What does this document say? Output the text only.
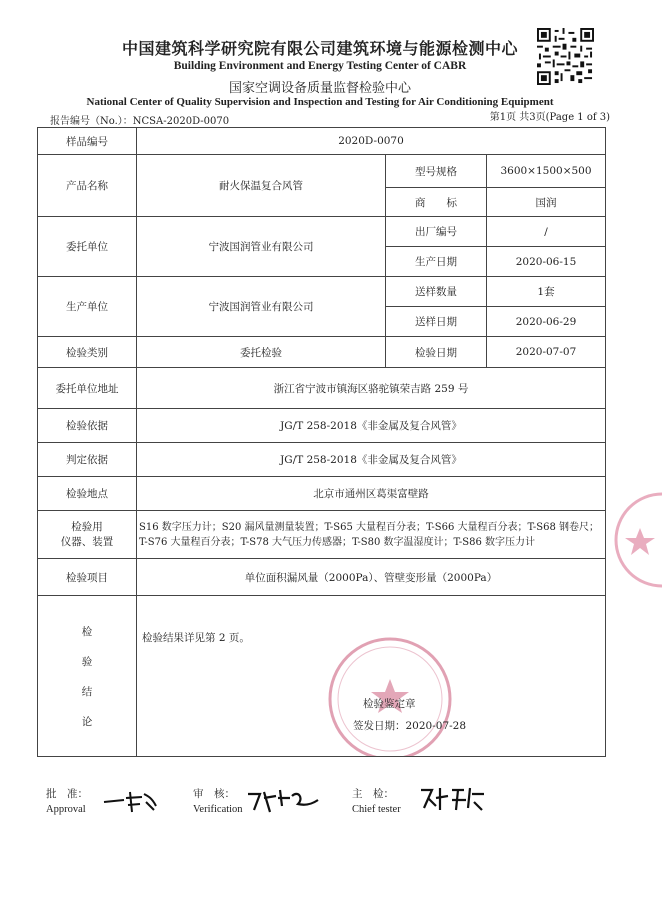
中国建筑科学研究院有限公司建筑环境与能源检测中心
Building Environment and Energy Testing Center of CABR
国家空调设备质量监督检验中心
National Center of Quality Supervision and Inspection and Testing for Air Conditioning Equipment
报告编号（No.）：NCSA-2020D-0070	第1页 共3页(Page 1 of 3)
样品编号	2020D-0070		
产品名称	耐火保温复合风管	型号规格	3600×1500×500
		商　　标	国润
委托单位	宁波国润管业有限公司	出厂编号	/
		生产日期	2020-06-15
生产单位	宁波国润管业有限公司	送样数量	1套
		送样日期	2020-06-29
检验类别	委托检验	检验日期	2020-07-07
委托单位地址	浙江省宁波市镇海区骆驼镇荣吉路 259 号		
检验依据	JG/T 258-2018《非金属及复合风管》		
判定依据	JG/T 258-2018《非金属及复合风管》		
检验地点	北京市通州区葛渠富壁路		

检验用
仪器、装置	S16 数字压力计；S20 漏风量测量装置；T-S65 大量程百分表；T-S66 大量程百分表；T-S68 钢卷尺；T-S76 大量程百分表；T-S78 大气压力传感器；T-S80 数字温湿度计；T-S86 数字压力计		
检验项目	单位面积漏风量（2000Pa）、管壁变形量（2000Pa）		

检
验
结
论	检验结果详见第 2 页。
检验鉴定章
签发日期：2020-07-28		
批　准：
Approval
审　核：
Verification
主　检：
Chief tester
